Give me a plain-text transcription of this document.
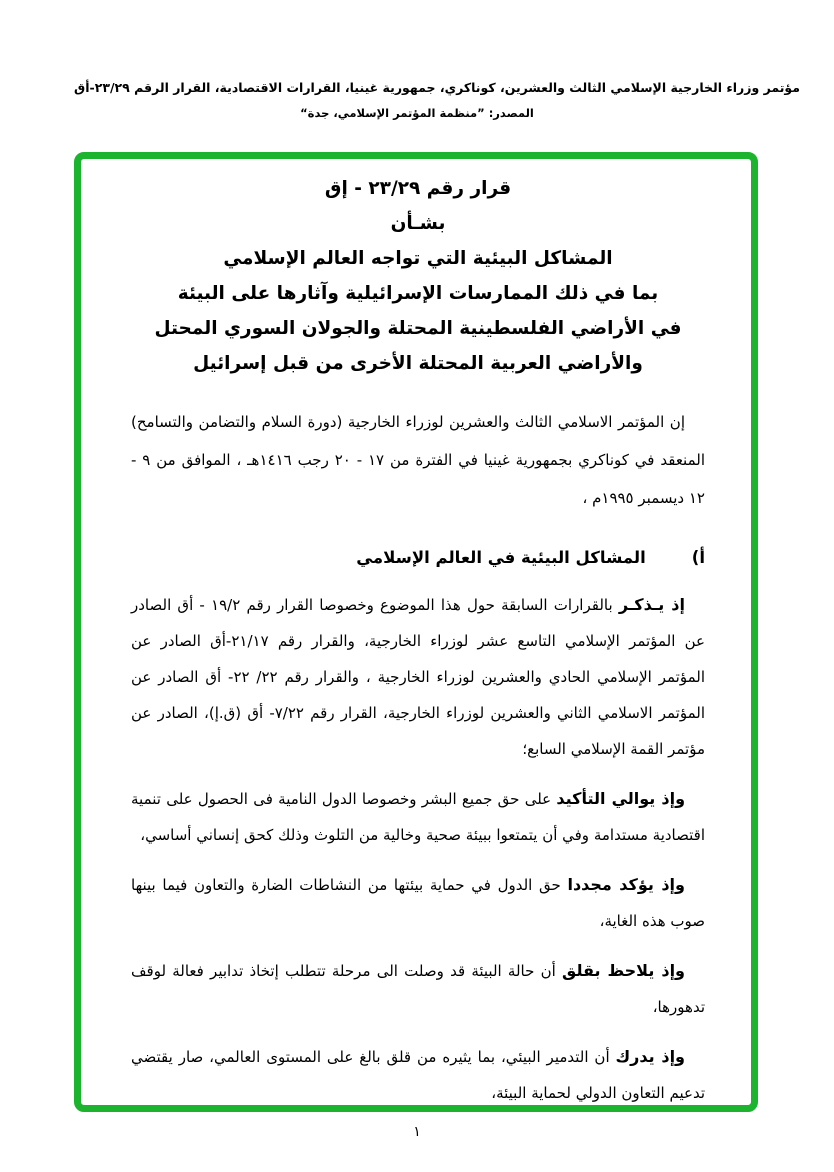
مؤتمر وزراء الخارجية الإسلامي الثالث والعشرين، كوناكري، جمهورية غينيا، القرارات الاقتصادية، القرار الرقم ٢٣/٢٩-أق
المصدر: ”منظمة المؤتمر الإسلامي، جدة“
قرار رقم ٢٣/٢٩ - إق
بشـأن
المشاكل البيئية التي تواجه العالم الإسلامي
بما في ذلك الممارسات الإسرائيلية وآثارها على البيئة
في الأراضي الفلسطينية المحتلة والجولان السوري المحتل
والأراضي العربية المحتلة الأخرى من قبل إسرائيل

إن المؤتمر الاسلامي الثالث والعشرين لوزراء الخارجية (دورة السلام والتضامن والتسامح) المنعقد في كوناكري بجمهورية غينيا في الفترة من ١٧ - ٢٠ رجب ١٤١٦هـ ، الموافق من ٩ - ١٢ ديسمبر ١٩٩٥م ،

أ)
المشاكل البيئية في العالم الإسلامي

إذ يـذكـر بالقرارات السابقة حول هذا الموضوع وخصوصا القرار رقم ١٩/٢ - أق الصادر عن المؤتمر الإسلامي التاسع عشر لوزراء الخارجية، والقرار رقم ٢١/١٧-أق الصادر عن المؤتمر الإسلامي الحادي والعشرين لوزراء الخارجية ، والقرار رقم ٢٢/ ٢٢- أق الصادر عن المؤتمر الاسلامي الثاني والعشرين لوزراء الخارجية، القرار رقم ٧/٢٢- أق (ق.إ)، الصادر عن مؤتمر القمة الإسلامي السابع؛

وإذ يوالي التأكيد على حق جميع البشر وخصوصا الدول النامية فى الحصول على تنمية اقتصادية مستدامة وفي أن يتمتعوا ببيئة صحية وخالية من التلوث وذلك كحق إنساني أساسي،

وإذ يؤكد مجددا حق الدول في حماية بيئتها من النشاطات الضارة والتعاون فيما بينها صوب هذه الغاية،

وإذ يلاحظ بقلق أن حالة البيئة قد وصلت الى مرحلة تتطلب إتخاذ تدابير فعالة لوقف تدهورها،

وإذ يدرك أن التدمير البيئي، بما يثيره من قلق بالغ على المستوى العالمي، صار يقتضي تدعيم التعاون الدولي لحماية البيئة،

١
